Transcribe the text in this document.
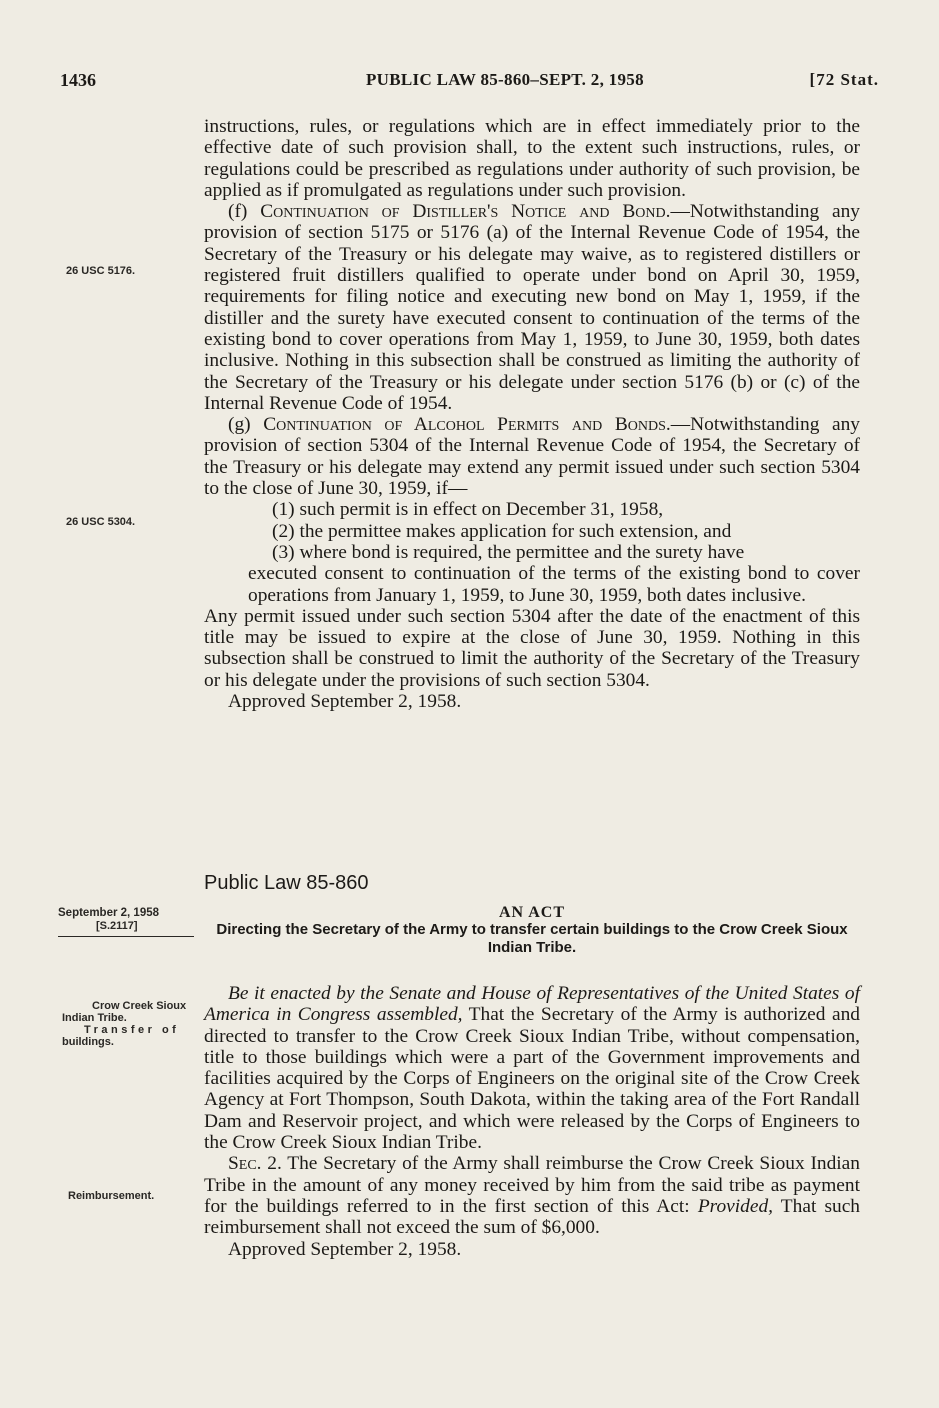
1436	PUBLIC LAW 85-860–SEPT. 2, 1958	[72 Stat.
26 USC 5176.
26 USC 5304.

instructions, rules, or regulations which are in effect immediately prior to the effective date of such provision shall, to the extent such instructions, rules, or regulations could be prescribed as regulations under authority of such provision, be applied as if promulgated as regulations under such provision.

(f) Continuation of Distiller's Notice and Bond.—Notwithstanding any provision of section 5175 or 5176 (a) of the Internal Revenue Code of 1954, the Secretary of the Treasury or his delegate may waive, as to registered distillers or registered fruit distillers qualified to operate under bond on April 30, 1959, requirements for filing notice and executing new bond on May 1, 1959, if the distiller and the surety have executed consent to continuation of the terms of the existing bond to cover operations from May 1, 1959, to June 30, 1959, both dates inclusive. Nothing in this subsection shall be construed as limiting the authority of the Secretary of the Treasury or his delegate under section 5176 (b) or (c) of the Internal Revenue Code of 1954.

(g) Continuation of Alcohol Permits and Bonds.—Notwithstanding any provision of section 5304 of the Internal Revenue Code of 1954, the Secretary of the Treasury or his delegate may extend any permit issued under such section 5304 to the close of June 30, 1959, if—

(1) such permit is in effect on December 31, 1958,

(2) the permittee makes application for such extension, and

(3) where bond is required, the permittee and the surety have
executed consent to continuation of the terms of the existing bond to cover operations from January 1, 1959, to June 30, 1959, both dates inclusive.

Any permit issued under such section 5304 after the date of the enactment of this title may be issued to expire at the close of June 30, 1959. Nothing in this subsection shall be construed to limit the authority of the Secretary of the Treasury or his delegate under the provisions of such section 5304.

Approved September 2, 1958.

Public Law 85-860
September 2, 1958
[S.2117]
AN ACT
Directing the Secretary of the Army to transfer certain buildings to the Crow Creek Sioux Indian Tribe.
Crow Creek Sioux
Indian Tribe.
Transfer of
buildings.
Reimbursement.

Be it enacted by the Senate and House of Representatives of the United States of America in Congress assembled, That the Secretary of the Army is authorized and directed to transfer to the Crow Creek Sioux Indian Tribe, without compensation, title to those buildings which were a part of the Government improvements and facilities acquired by the Corps of Engineers on the original site of the Crow Creek Agency at Fort Thompson, South Dakota, within the taking area of the Fort Randall Dam and Reservoir project, and which were released by the Corps of Engineers to the Crow Creek Sioux Indian Tribe.

Sec. 2. The Secretary of the Army shall reimburse the Crow Creek Sioux Indian Tribe in the amount of any money received by him from the said tribe as payment for the buildings referred to in the first section of this Act: Provided, That such reimbursement shall not exceed the sum of $6,000.

Approved September 2, 1958.
